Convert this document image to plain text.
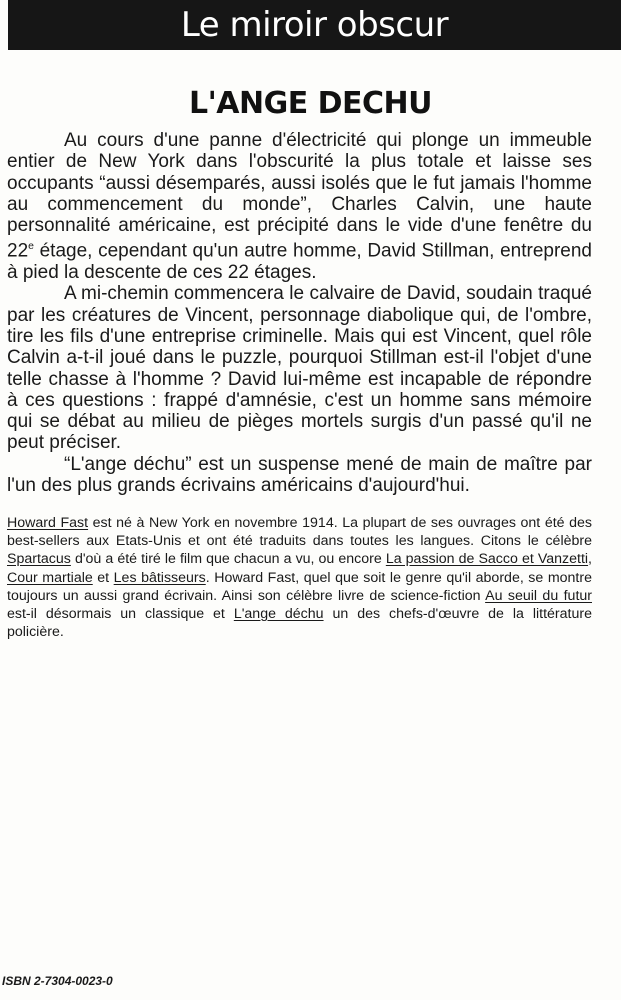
Le miroir obscur
L'ANGE DECHU

Au cours d'une panne d'électricité qui plonge un immeuble entier de New York dans l'obscurité la plus totale et laisse ses occupants “aussi désemparés, aussi isolés que le fut jamais l'homme au commencement du monde”, Charles Calvin, une haute personnalité américaine, est précipité dans le vide d'une fenêtre du 22e étage, cependant qu'un autre homme, David Stillman, entreprend à pied la descente de ces 22 étages.

A mi-chemin commencera le calvaire de David, soudain traqué par les créatures de Vincent, personnage diabolique qui, de l'ombre, tire les fils d'une entreprise criminelle. Mais qui est Vincent, quel rôle Calvin a-t-il joué dans le puzzle, pourquoi Stillman est-il l'objet d'une telle chasse à l'homme ? David lui-même est incapable de répondre à ces questions : frappé d'amnésie, c'est un homme sans mémoire qui se débat au milieu de pièges mortels surgis d'un passé qu'il ne peut préciser.

“L'ange déchu” est un suspense mené de main de maître par l'un des plus grands écrivains américains d'aujourd'hui.

Howard Fast est né à New York en novembre 1914. La plupart de ses ouvrages ont été des best-sellers aux Etats-Unis et ont été traduits dans toutes les langues. Citons le célèbre Spartacus d'où a été tiré le film que chacun a vu, ou encore La passion de Sacco et Vanzetti, Cour martiale et Les bâtisseurs. Howard Fast, quel que soit le genre qu'il aborde, se montre toujours un aussi grand écrivain. Ainsi son célèbre livre de science-fiction Au seuil du futur est-il désormais un classique et L'ange déchu un des chefs-d'œuvre de la littérature policière.

ISBN 2-7304-0023-0
